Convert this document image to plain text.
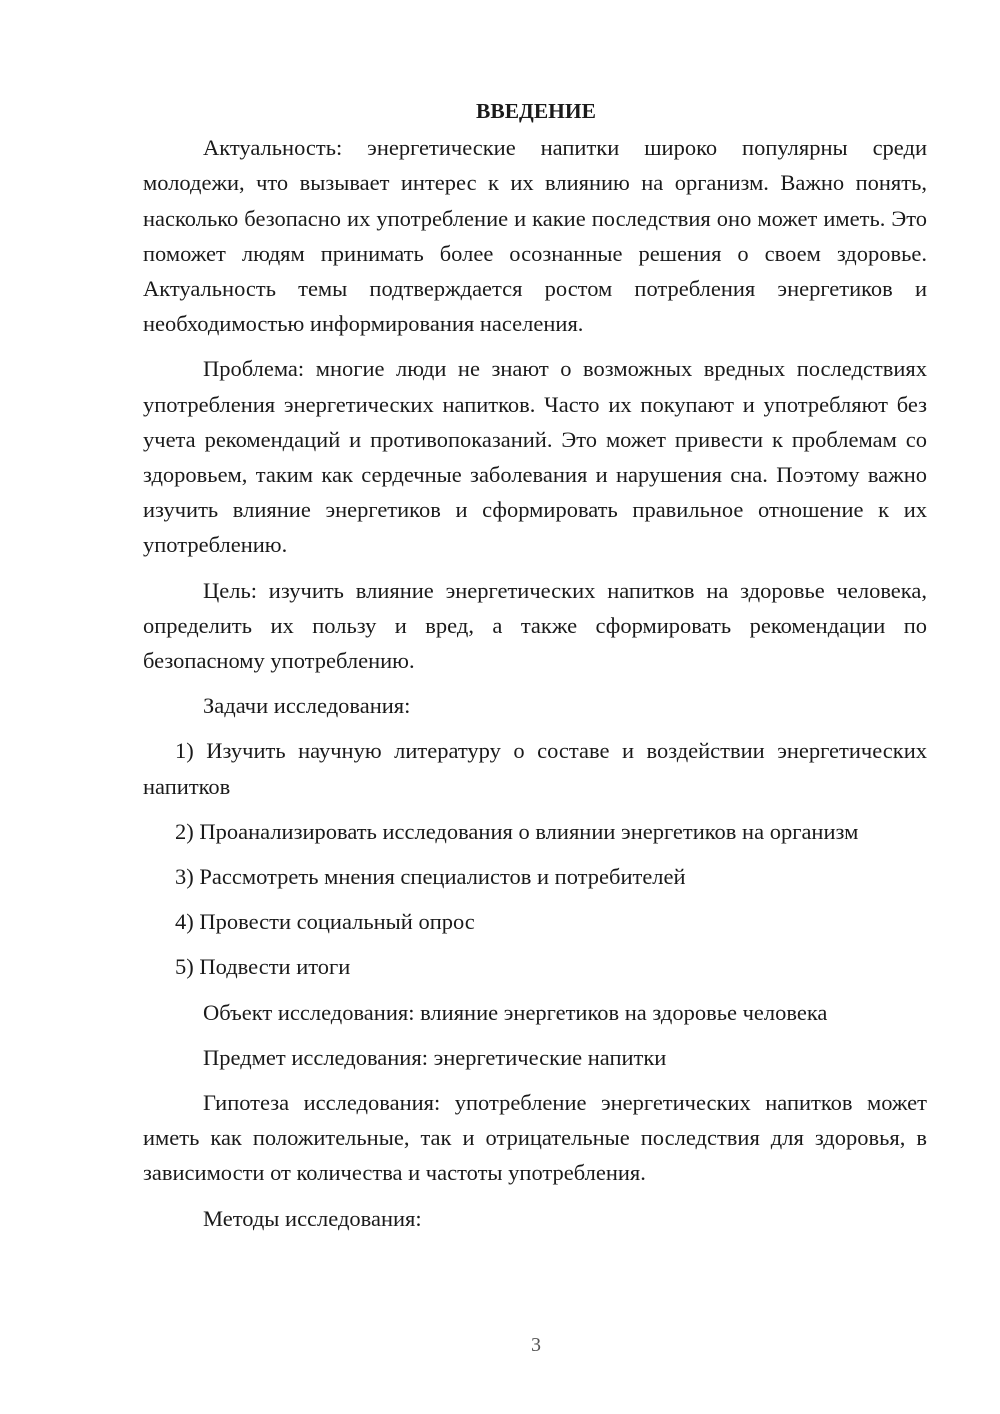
ВВЕДЕНИЕ

Актуальность: энергетические напитки широко популярны среди молодежи, что вызывает интерес к их влиянию на организм. Важно понять, насколько безопасно их употребление и какие последствия оно может иметь. Это поможет людям принимать более осознанные решения о своем здоровье. Актуальность темы подтверждается ростом потребления энергетиков и необходимостью информирования населения.

Проблема: многие люди не знают о возможных вредных последствиях употребления энергетических напитков. Часто их покупают и употребляют без учета рекомендаций и противопоказаний. Это может привести к проблемам со здоровьем, таким как сердечные заболевания и нарушения сна. Поэтому важно изучить влияние энергетиков и сформировать правильное отношение к их употреблению.

Цель: изучить влияние энергетических напитков на здоровье человека, определить их пользу и вред, а также сформировать рекомендации по безопасному употреблению.

Задачи исследования:

1) Изучить научную литературу о составе и воздействии энергетических напитков

2) Проанализировать исследования о влиянии энергетиков на организм

3) Рассмотреть мнения специалистов и потребителей

4) Провести социальный опрос

5) Подвести итоги

Объект исследования: влияние энергетиков на здоровье человека

Предмет исследования: энергетические напитки

Гипотеза исследования: употребление энергетических напитков может иметь как положительные, так и отрицательные последствия для здоровья, в зависимости от количества и частоты употребления.

Методы исследования:

3
